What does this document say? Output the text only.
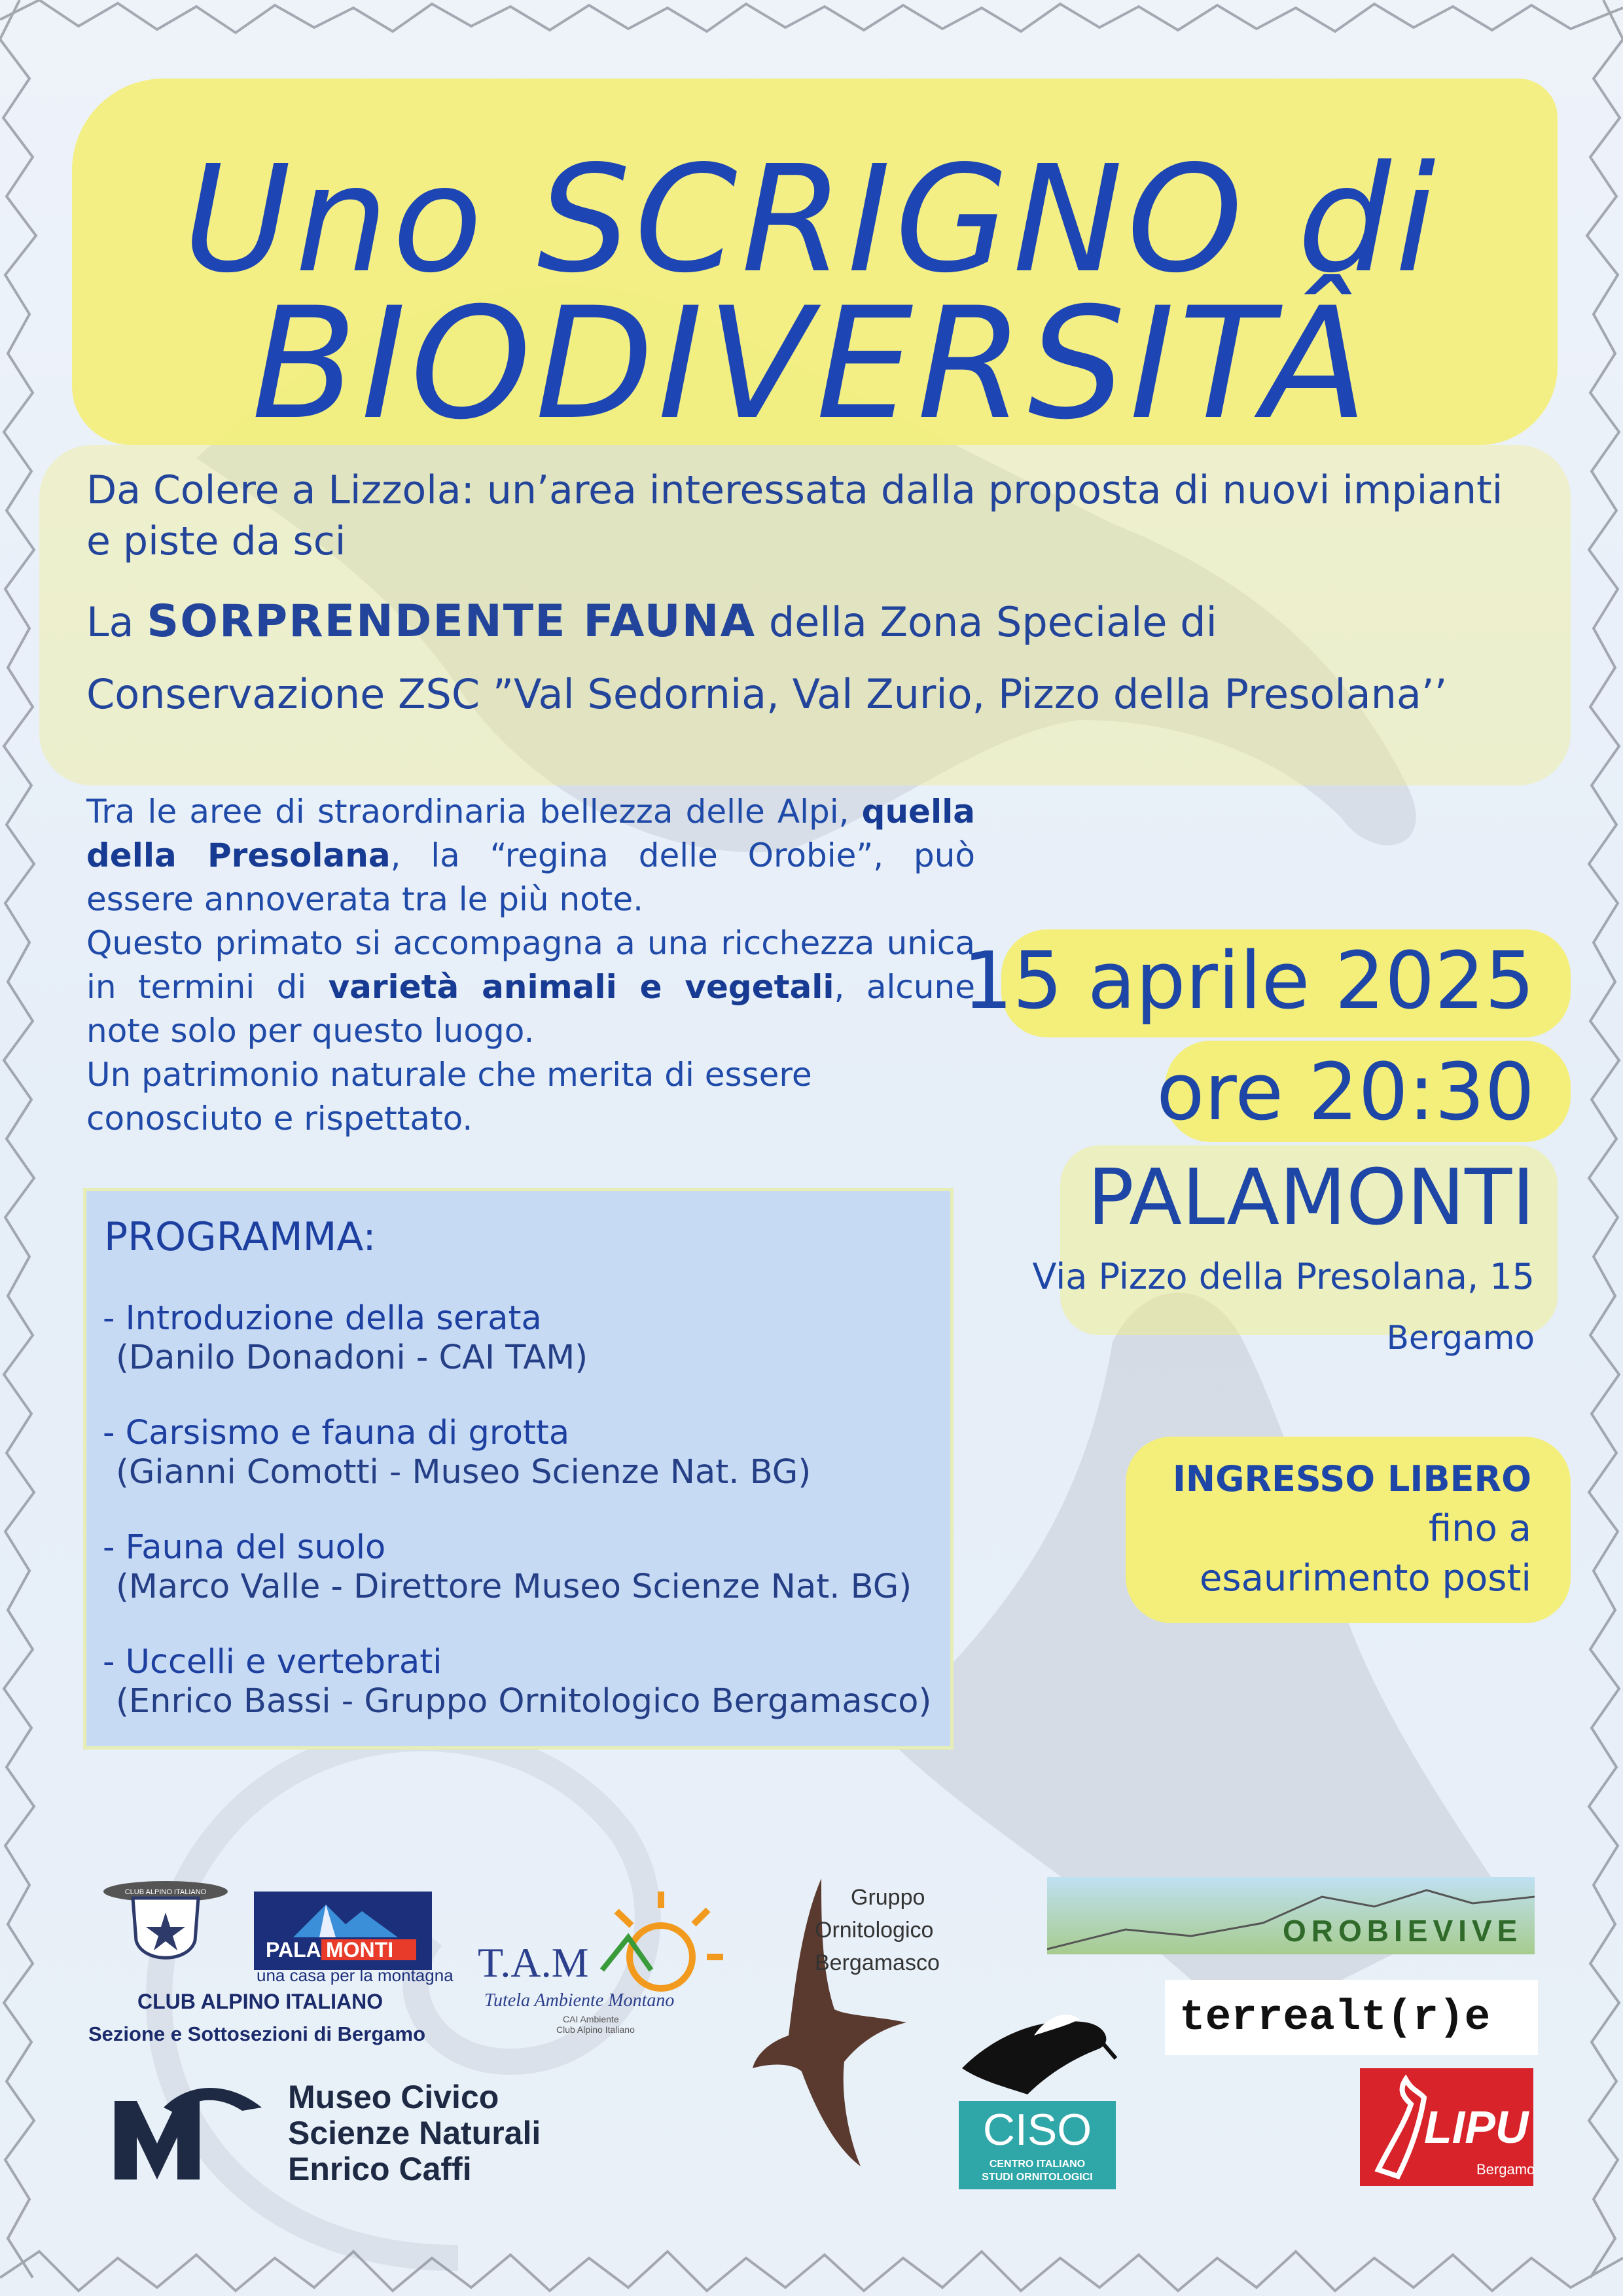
Uno SCRIGNO di
BIODIVERSITÂ
Da Colere a Lizzola: un’area interessata dalla proposta di nuovi impianti e piste da sci
La SORPRENDENTE FAUNA della Zona Speciale di
Conservazione ZSC ”Val Sedornia, Val Zurio, Pizzo della Presolana’’
Tra le aree di straordinaria bellezza delle Alpi, quella
della Presolana, la “regina delle Orobie”, può
essere annoverata tra le più note.
Questo primato si accompagna a una ricchezza unica
in termini di varietà animali e vegetali, alcune
note solo per questo luogo.
Un patrimonio naturale che merita di essere
conosciuto e rispettato.
15 aprile 2025
ore 20:30
PALAMONTI
Via Pizzo della Presolana, 15
Bergamo
INGRESSO LIBERO
fino a
esaurimento posti
PROGRAMMA:
- Introduzione della serata
(Danilo Donadoni - CAI TAM)
- Carsismo e fauna di grotta
(Gianni Comotti - Museo Scienze Nat. BG)
- Fauna del suolo
(Marco Valle - Direttore Museo Scienze Nat. BG)
- Uccelli e vertebrati
(Enrico Bassi - Gruppo Ornitologico Bergamasco)
CLUB ALPINO ITALIANO
CLUB ALPINO ITALIANO
Sezione e Sottosezioni di Bergamo
PALA MONTI
una casa per la montagna T.A.M
Tutela Ambiente Montano
CAI Ambiente
Club Alpino Italiano
Gruppo
Ornitologico
Bergamasco
Museo Civico
Scienze Naturali
Enrico Caffi
CISO
CENTRO ITALIANO
STUDI ORNITOLOGICI
OROBIEVIVE
terrealt(r)e
LIPU
Bergamo
